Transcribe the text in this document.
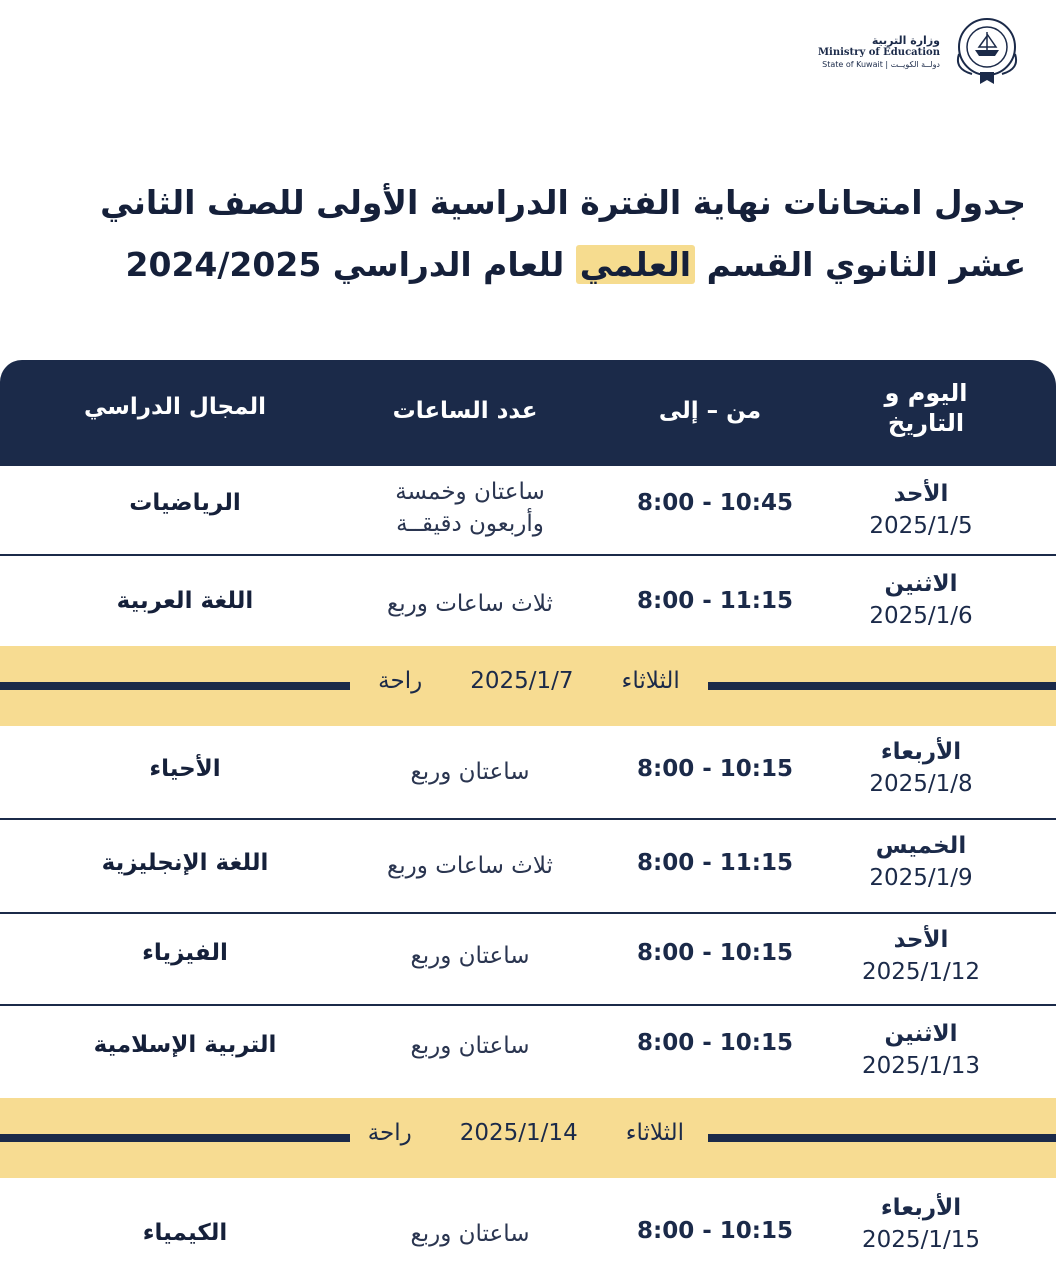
وزارة التربية
Ministry of Education
State of Kuwait | دولــة الكويــت
جدول امتحانات نهاية الفترة الدراسية الأولى للصف الثاني
عشر الثانوي القسم العلمي للعام الدراسي 2024/2025
اليوم و
التاريخ
من – إلى
عدد الساعات
المجال الدراسي
الأحد
2025/1/5
8:00 - 10:45
ساعتان وخمسة
وأربعون دقيقــة
الرياضيات
الاثنين
2025/1/6
8:00 - 11:15
ثلاث ساعات وربع
اللغة العربية
الثلاثاء2025/1/7راحة
الأربعاء
2025/1/8
8:00 - 10:15
ساعتان وربع
الأحياء
الخميس
2025/1/9
8:00 - 11:15
ثلاث ساعات وربع
اللغة الإنجليزية
الأحد
2025/1/12
8:00 - 10:15
ساعتان وربع
الفيزياء
الاثنين
2025/1/13
8:00 - 10:15
ساعتان وربع
التربية الإسلامية
الثلاثاء2025/1/14راحة
الأربعاء
2025/1/15
8:00 - 10:15
ساعتان وربع
الكيمياء
